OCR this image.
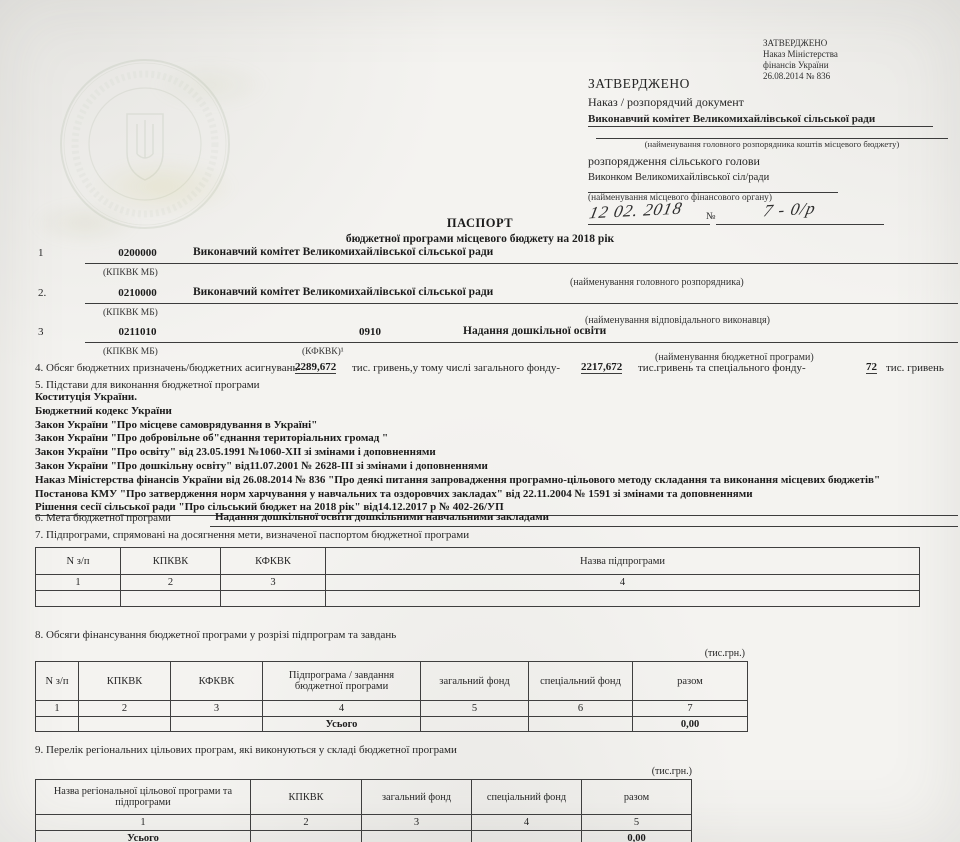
ЗАТВЕРДЖЕНО
Наказ Міністерства
фінансів України
26.08.2014 № 836
ЗАТВЕРДЖЕНО
Наказ / розпорядчий документ
Виконавчий комітет Великомихайлівської сільської ради
(найменування головного розпорядника коштів місцевого бюджету)
розпорядження сільського голови
Виконком Великомихайлівської сіл/ради
(найменування місцевого фінансового органу)
12 02. 2018 №	7 - 0/р
ПАСПОРТ
бюджетної програми місцевого бюджету на 2018 рік
1	0200000	Виконавчий комітет Великомихайлівської сільської ради
(КПКВК МБ)
(найменування головного розпорядника)
2.	0210000	Виконавчий комітет Великомихайлівської сільської ради
(КПКВК МБ)
(найменування відповідального виконавця)
3	0211010	0910	Надання дошкільної освіти
(КПКВК МБ)	(КФКВК)¹	(найменування бюджетної програми)
4. Обсяг бюджетних призначень/бюджетних асигнувань-
2289,672 тис. гривень,у тому числі загального фонду- 2217,672 тис.гривень та спеціального фонду-	72 тис. гривень
5. Підстави для виконання бюджетної програми
Коституція України.
Бюджетний кодекс України
Закон України "Про місцеве самоврядування в Україні"
Закон України "Про добровільне об"єднання територіальних громад "
Закон України "Про освіту" від 23.05.1991 №1060-XII зі змінами і доповненнями
Закон України "Про дошкільну освіту" від11.07.2001 № 2628-III зі змінами і доповненнями
Наказ Міністерства фінансів України від 26.08.2014 № 836 "Про деякі питання запровадження програмно-цільового методу складання та виконання місцевих бюджетів"
Постанова КМУ "Про затвердження норм харчування у навчальних та оздоровчих закладах" від 22.11.2004 № 1591 зі змінами та доповненнями
Рішення сесії сільської ради "Про сільський бюджет на 2018 рік" від14.12.2017 р № 402-26/УП
6. Мета бюджетної програми	Надання дошкільної освіти дошкільними навчальними закладами
7. Підпрограми, спрямовані на досягнення мети, визначеної паспортом бюджетної програми
N з/п	КПКВК	КФКВК	Назва підпрограми
1	2	3	4

8. Обсяги фінансування бюджетної програми у розрізі підпрограм та завдань
(тис.грн.)
N з/п	КПКВК	КФКВК	Підпрограма / завдання бюджетної програми	загальний фонд	спеціальний фонд	разом
1	2	3	4	5	6	7
			Усього			0,00
9. Перелік регіональних цільових програм, які виконуються у складі бюджетної програми
(тис.грн.)
Назва регіональної цільової програми та підпрограми	КПКВК	загальний фонд	спеціальний фонд	разом
1	2	3	4	5
Усього				0,00
